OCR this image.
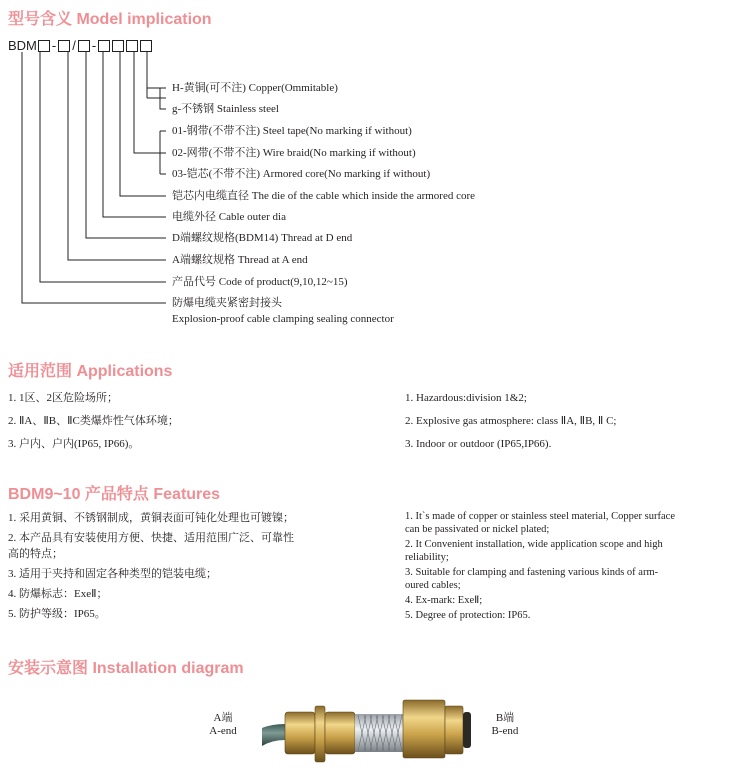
型号含义 Model implication
BDM - / -
H-黄铜(可不注) Copper(Ommitable)
g-不锈钢 Stainless steel
01-钢带(不带不注) Steel tape(No marking if without)
02-网带(不带不注) Wire braid(No marking if without)
03-铠芯(不带不注) Armored core(No marking if without)
铠芯内电缆直径 The die of the cable which inside the armored core
电缆外径 Cable outer dia
D端螺纹规格(BDM14) Thread at D end
A端螺纹规格 Thread at A end
产品代号 Code of product(9,10,12~15)
防爆电缆夹紧密封接头
Explosion-proof cable clamping sealing connector
适用范围 Applications
1. 1区、2区危险场所；
2. ⅡA、ⅡB、ⅡC类爆炸性气体环境；
3. 户内、户内(IP65, IP66)。
1. Hazardous:division 1&2;
2. Explosive gas atmosphere: class ⅡA, ⅡB, Ⅱ C;
3. Indoor or outdoor (IP65,IP66).
BDM9~10 产品特点 Features
1. 采用黄铜、不锈钢制成，黄铜表面可钝化处理也可镀镍；
2. 本产品具有安装使用方便、快捷、适用范围广泛、可靠性
高的特点；
3. 适用于夹持和固定各种类型的铠装电缆；
4. 防爆标志：ExeⅡ；
5. 防护等级：IP65。
1. It`s made of copper or stainless steel material, Copper surface
can be passivated or nickel plated;
2. It Convenient installation, wide application scope and high
reliability;
3. Suitable for clamping and fastening various kinds of arm-
oured cables;
4. Ex-mark: ExeⅡ;
5. Degree of protection: IP65.
安装示意图 Installation diagram
A端
A-end
B端
B-end
